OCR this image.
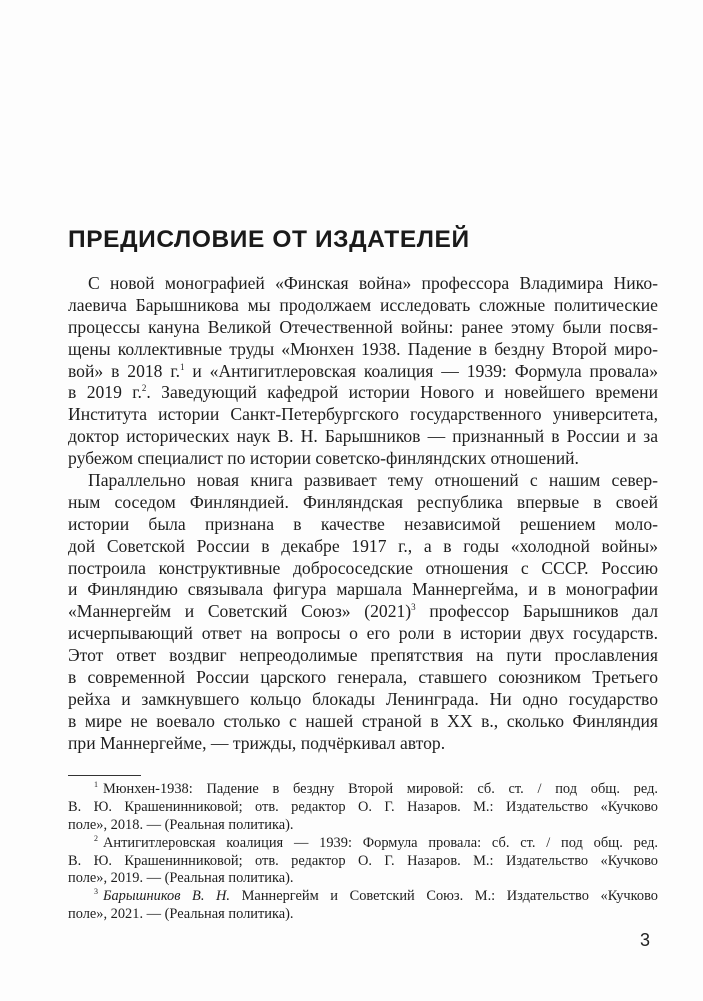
ПРЕДИСЛОВИЕ ОТ ИЗДАТЕЛЕЙ
С новой монографией «Финская война» профессора Владимира Нико-
лаевича Барышникова мы продолжаем исследовать сложные политические
процессы кануна Великой Отечественной войны: ранее этому были посвя-
щены коллективные труды «Мюнхен 1938. Падение в бездну Второй миро-
вой» в 2018 г.$^1$ и «Антигитлеровская коалиция — 1939: Формула провала»
в 2019 г.$^2$. Заведующий кафедрой истории Нового и новейшего времени
Института истории Санкт-Петербургского государственного университета,
доктор исторических наук В. Н. Барышников — признанный в России и за
рубежом специалист по истории советско-финляндских отношений.
Параллельно новая книга развивает тему отношений с нашим север-
ным соседом Финляндией. Финляндская республика впервые в своей
истории была признана в качестве независимой решением моло-
дой Советской России в декабре 1917 г., а в годы «холодной войны»
построила конструктивные добрососедские отношения с СССР. Россию
и Финляндию связывала фигура маршала Маннергейма, и в монографии
«Маннергейм и Советский Союз» $(2021)^3$ профессор Барышников дал
исчерпывающий ответ на вопросы о его роли в истории двух государств.
Этот ответ воздвиг непреодолимые препятствия на пути прославления
в современной России царского генерала, ставшего союзником Третьего
рейха и замкнувшего кольцо блокады Ленинграда. Ни одно государство
в мире не воевало столько с нашей страной в XX в., сколько Финляндия
при Маннергейме, — трижды, подчёркивал автор.
$^1$ Мюнхен-1938: Падение в бездну Второй мировой: сб. ст. / под общ. ред.
В. Ю. Крашенинниковой; отв. редактор О. Г. Назаров. М.: Издательство «Кучково
поле», 2018. — (Реальная политика).
$^2$ Антигитлеровская коалиция — 1939: Формула провала: сб. ст. / под общ. ред.
В. Ю. Крашенинниковой; отв. редактор О. Г. Назаров. М.: Издательство «Кучково
поле», 2019. — (Реальная политика).
$^3$ Барышников В. Н. Маннергейм и Советский Союз. М.: Издательство «Кучково
поле», 2021. — (Реальная политика).
3
